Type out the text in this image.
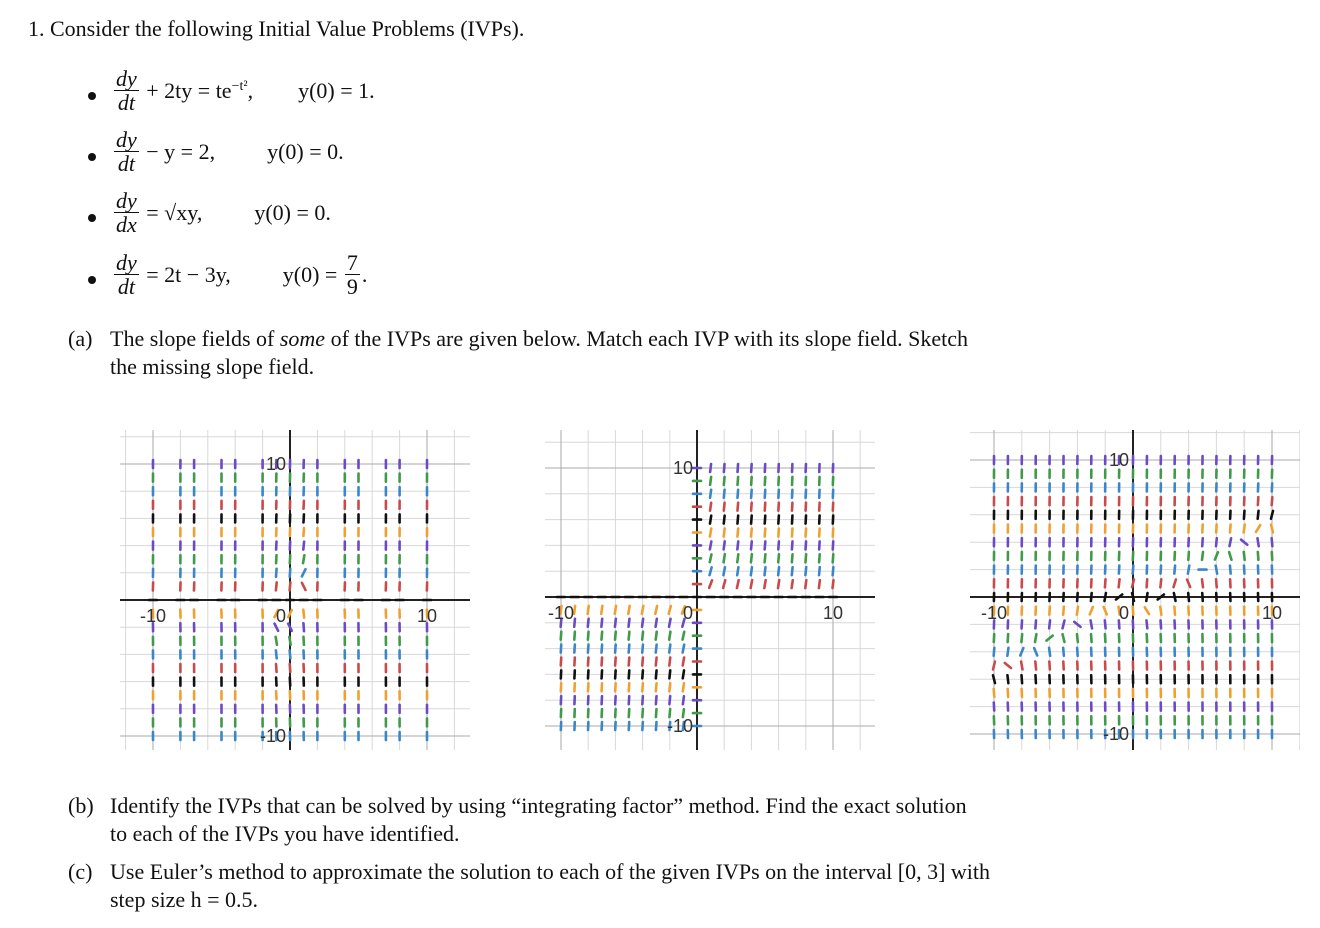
1. Consider the following Initial Value Problems (IVPs).
$\frac{dy}{dt} + 2ty$ = te −t² , y(0) = 1.
$\frac{dy}{dt} - y = 2$, y(0) = 0.
$\frac{dy}{dx} = √xy$, y(0) = 0.
$\frac{dy}{dt} = 2t - 3y$, $y(0) = \frac{7}{9}$ .
(a) The slope fields of some of the IVPs are given below. Match each IVP with its slope field. Sketch
the missing slope field.
-10	10
10
-10
0	-10	10
10
-10
0	-10	10
10
-10
0
(b) Identify the IVPs that can be solved by using “integrating factor” method. Find the exact solution
to each of the IVPs you have identified.
(c) Use Euler’s method to approximate the solution to each of the given IVPs on the interval [0, 3] with
step size h = 0.5.
